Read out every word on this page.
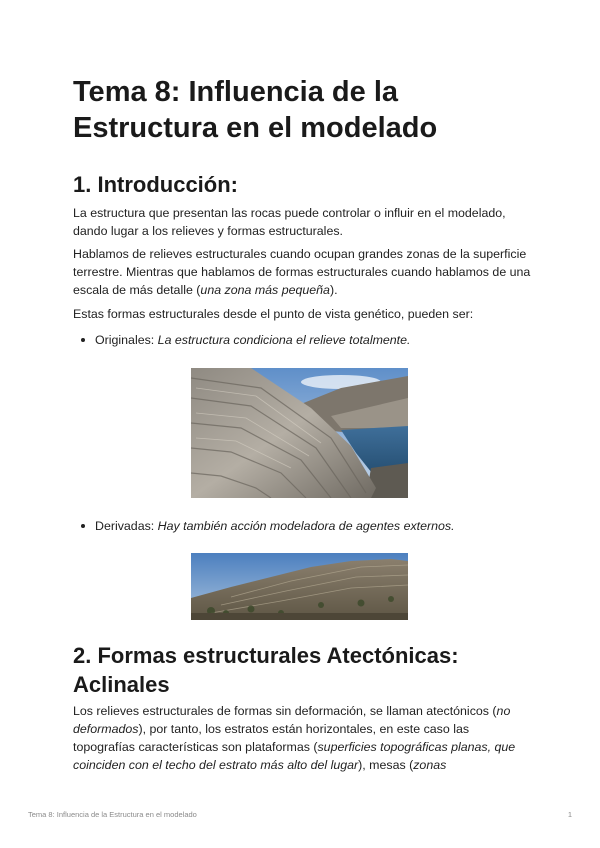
Tema 8: Influencia de la Estructura en el modelado
1. Introducción:

La estructura que presentan las rocas puede controlar o influir en el modelado, dando lugar a los relieves y formas estructurales.

Hablamos de relieves estructurales cuando ocupan grandes zonas de la superficie terrestre. Mientras que hablamos de formas estructurales cuando hablamos de una escala de más detalle (una zona más pequeña).

Estas formas estructurales desde el punto de vista genético, pueden ser:

Originales: La estructura condiciona el relieve totalmente.
Derivadas: Hay también acción modeladora de agentes externos.
2. Formas estructurales Atectónicas: Aclinales

Los relieves estructurales de formas sin deformación, se llaman atectónicos (no deformados), por tanto, los estratos están horizontales, en este caso las topografías características son plataformas (superficies topográficas planas, que coinciden con el techo del estrato más alto del lugar), mesas (zonas

Tema 8: Influencia de la Estructura en el modelado	1
